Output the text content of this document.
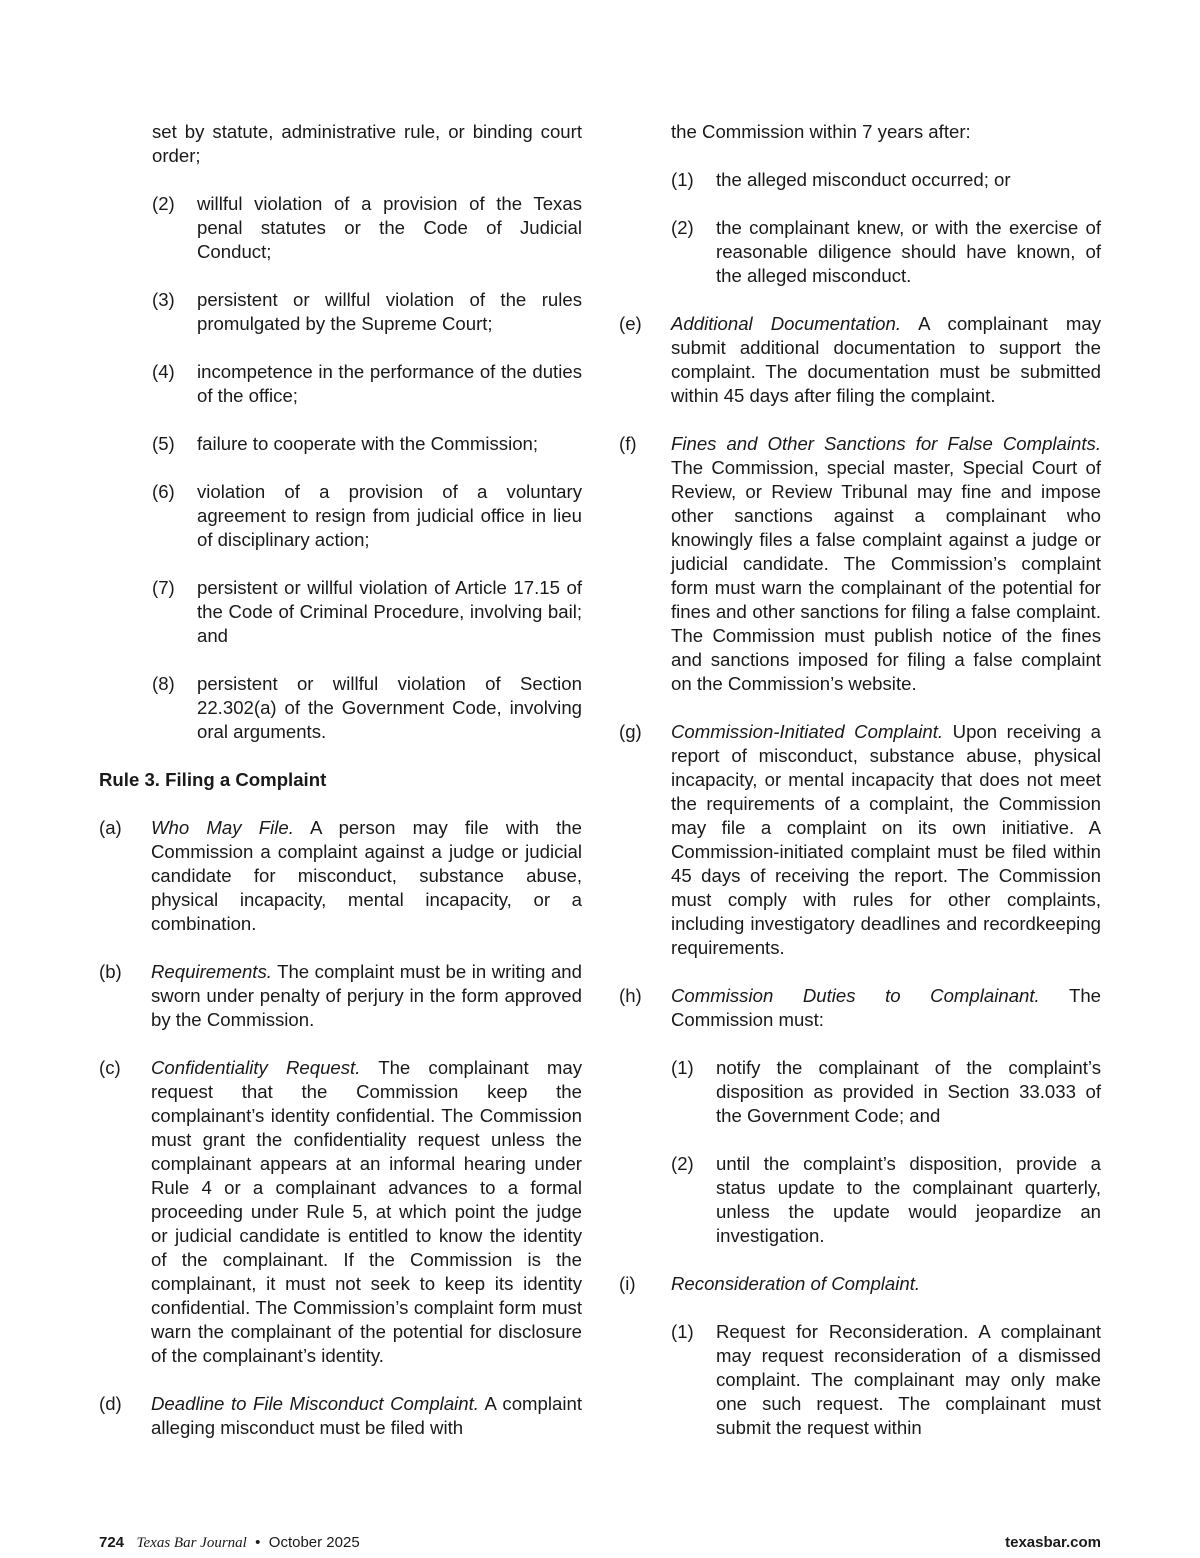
set by statute, administrative rule, or binding court order;
(2)	willful violation of a provision of the Texas penal statutes or the Code of Judicial Conduct;
(3)	persistent or willful violation of the rules promulgated by the Supreme Court;
(4)	incompetence in the performance of the duties of the office;
(5)	failure to cooperate with the Commission;
(6)	violation of a provision of a voluntary agreement to resign from judicial office in lieu of disciplinary action;
(7)	persistent or willful violation of Article 17.15 of the Code of Criminal Procedure, involving bail; and
(8)	persistent or willful violation of Section 22.302(a) of the Government Code, involving oral arguments.
Rule 3. Filing a Complaint
(a)	Who May File. A person may file with the Commission a complaint against a judge or judicial candidate for misconduct, substance abuse, physical incapacity, mental incapacity, or a combination.
(b)	Requirements. The complaint must be in writing and sworn under penalty of perjury in the form approved by the Commission.
(c)	Confidentiality Request. The complainant may request that the Commission keep the complainant’s identity confidential. The Commission must grant the confidentiality request unless the complainant appears at an informal hearing under Rule 4 or a complainant advances to a formal proceeding under Rule 5, at which point the judge or judicial candidate is entitled to know the identity of the complainant. If the Commission is the complainant, it must not seek to keep its identity confidential. The Commission’s complaint form must warn the complainant of the potential for disclosure of the complainant’s identity.
(d)	Deadline to File Misconduct Complaint. A complaint alleging misconduct must be filed with
the Commission within 7 years after:
(1)	the alleged misconduct occurred; or
(2)	the complainant knew, or with the exercise of reasonable diligence should have known, of the alleged misconduct.
(e)	Additional Documentation. A complainant may submit additional documentation to support the complaint. The documentation must be submitted within 45 days after filing the complaint.
(f)	Fines and Other Sanctions for False Complaints. The Commission, special master, Special Court of Review, or Review Tribunal may fine and impose other sanctions against a complainant who knowingly files a false complaint against a judge or judicial candidate. The Commission’s complaint form must warn the complainant of the potential for fines and other sanctions for filing a false complaint. The Commission must publish notice of the fines and sanctions imposed for filing a false complaint on the Commission’s website.
(g)	Commission-Initiated Complaint. Upon receiving a report of misconduct, substance abuse, physical incapacity, or mental incapacity that does not meet the requirements of a complaint, the Commission may file a complaint on its own initiative. A Commission-initiated complaint must be filed within 45 days of receiving the report. The Commission must comply with rules for other complaints, including investigatory deadlines and recordkeeping requirements.
(h)	Commission Duties to Complainant. The Commission must:
(1)	notify the complainant of the complaint’s disposition as provided in Section 33.033 of the Government Code; and
(2)	until the complaint’s disposition, provide a status update to the complainant quarterly, unless the update would jeopardize an investigation.
(i)	Reconsideration of Complaint.
(1)	Request for Reconsideration. A complainant may request reconsideration of a dismissed complaint. The complainant may only make one such request. The complainant must submit the request within
724 Texas Bar Journal • October 2025	texasbar.com
